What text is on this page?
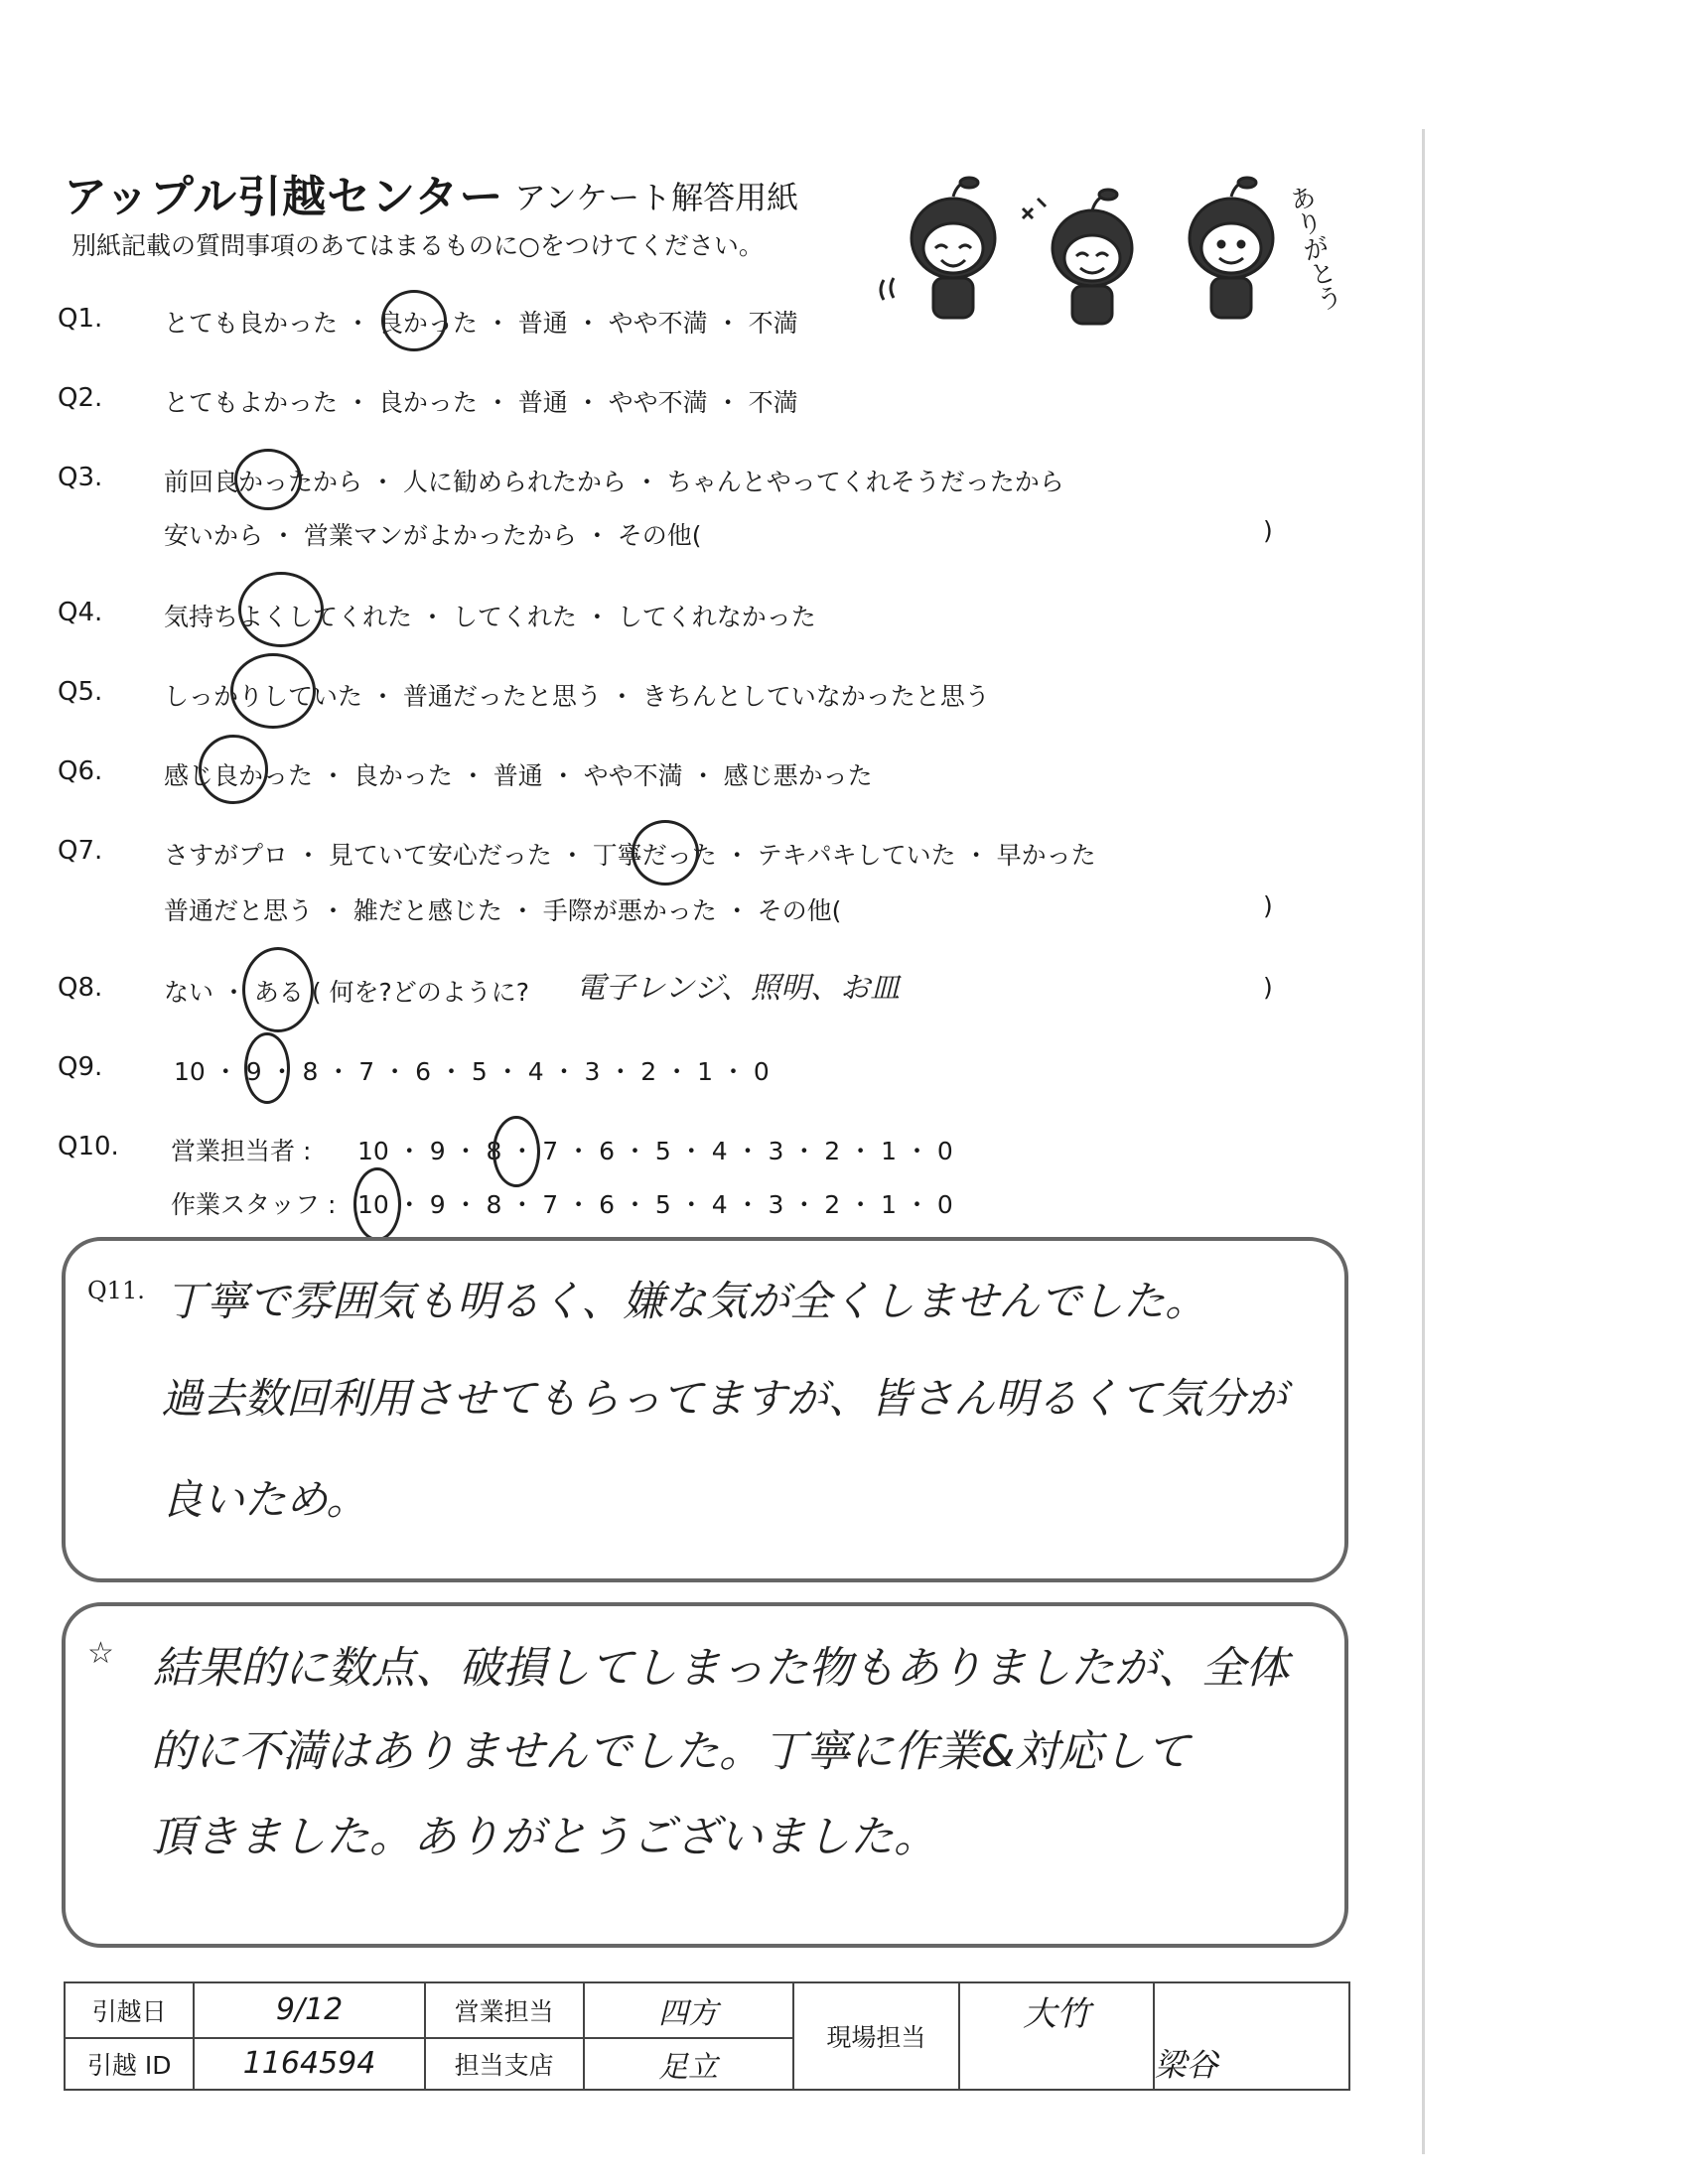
アップル引越センター アンケート解答用紙
別紙記載の質問事項のあてはまるものに○をつけてください。	ありがとう
Q1. とても良かった ・ 良かった ・ 普通 ・ やや不満 ・ 不満
Q2. とてもよかった ・ 良かった ・ 普通 ・ やや不満 ・ 不満
Q3. 前回良かったから ・ 人に勧められたから ・ ちゃんとやってくれそうだったから
安いから ・ 営業マンがよかったから ・ その他(	)
Q4. 気持ちよくしてくれた ・ してくれた ・ してくれなかった
Q5. しっかりしていた ・ 普通だったと思う ・ きちんとしていなかったと思う
Q6. 感じ良かった ・ 良かった ・ 普通 ・ やや不満 ・ 感じ悪かった
Q7. さすがプロ ・ 見ていて安心だった ・ 丁寧だった ・ テキパキしていた ・ 早かった
普通だと思う ・ 雑だと感じた ・ 手際が悪かった ・ その他(	)
Q8. ない ・ ある ( 何を?どのように? 電子レンジ、照明、お皿	)
Q9.	10 ・ 9 ・ 8 ・ 7 ・ 6 ・ 5 ・ 4 ・ 3 ・ 2 ・ 1 ・ 0
Q10. 営業担当者 : 10 ・ 9 ・ 8 ・ 7 ・ 6 ・ 5 ・ 4 ・ 3 ・ 2 ・ 1 ・ 0
作業スタッフ : 10 ・ 9 ・ 8 ・ 7 ・ 6 ・ 5 ・ 4 ・ 3 ・ 2 ・ 1 ・ 0
Q11. 丁寧で雰囲気も明るく、嫌な気が全くしませんでした。
過去数回利用させてもらってますが、皆さん明るくて気分が
良いため。
☆ 結果的に数点、破損してしまった物もありましたが、全体
的に不満はありませんでした。丁寧に作業&対応して
頂きました。ありがとうございました。
引越日	9/12	営業担当	四方	現場担当	大竹	
引越 ID	1164594	担当支店	足立			梁谷
